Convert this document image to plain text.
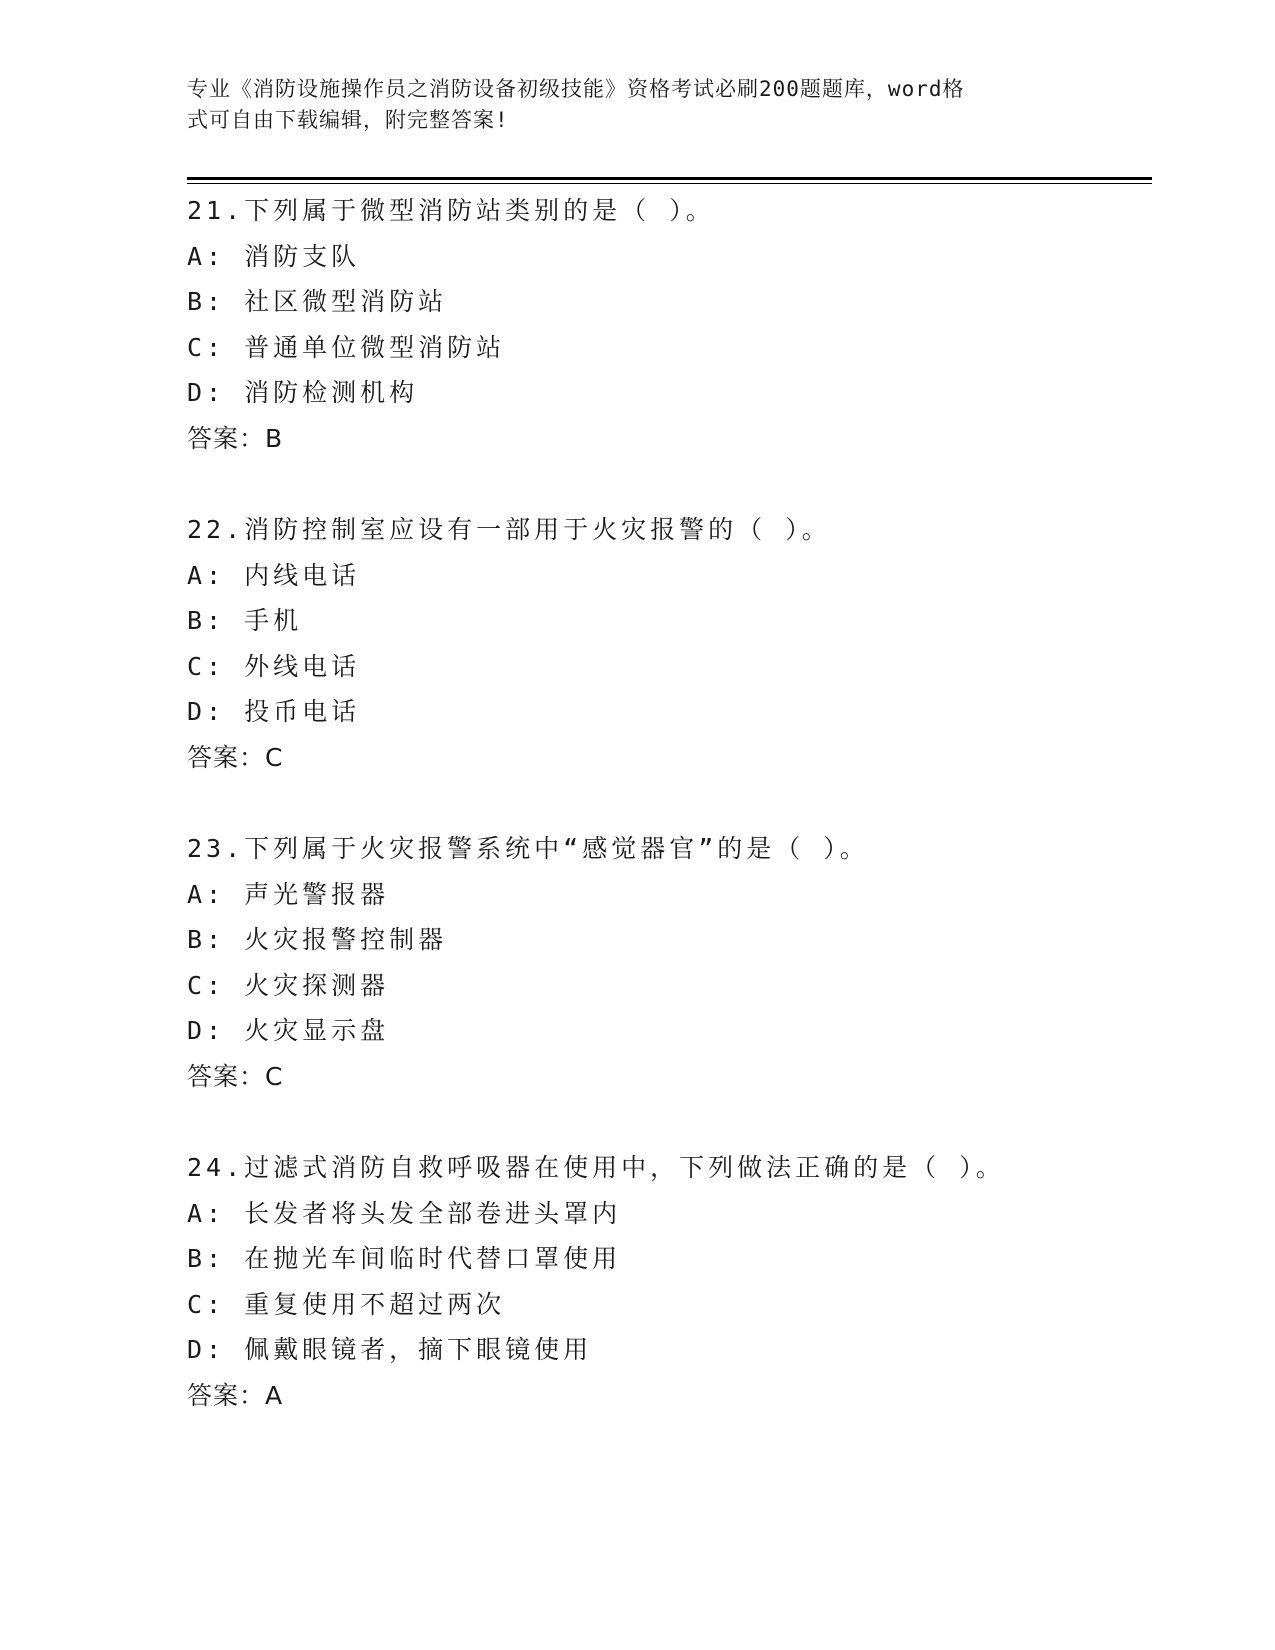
专业《消防设施操作员之消防设备初级技能》资格考试必刷200题题库，word格
式可自由下载编辑，附完整答案!
21.下列属于微型消防站类别的是（ ）。
A: 消防支队
B: 社区微型消防站
C: 普通单位微型消防站
D: 消防检测机构
答案：B
22.消防控制室应设有一部用于火灾报警的（ ）。
A: 内线电话
B: 手机
C: 外线电话
D: 投币电话
答案：C
23.下列属于火灾报警系统中“感觉器官”的是（ ）。
A: 声光警报器
B: 火灾报警控制器
C: 火灾探测器
D: 火灾显示盘
答案：C
24.过滤式消防自救呼吸器在使用中，下列做法正确的是（ ）。
A: 长发者将头发全部卷进头罩内
B: 在抛光车间临时代替口罩使用
C: 重复使用不超过两次
D: 佩戴眼镜者，摘下眼镜使用
答案：A
